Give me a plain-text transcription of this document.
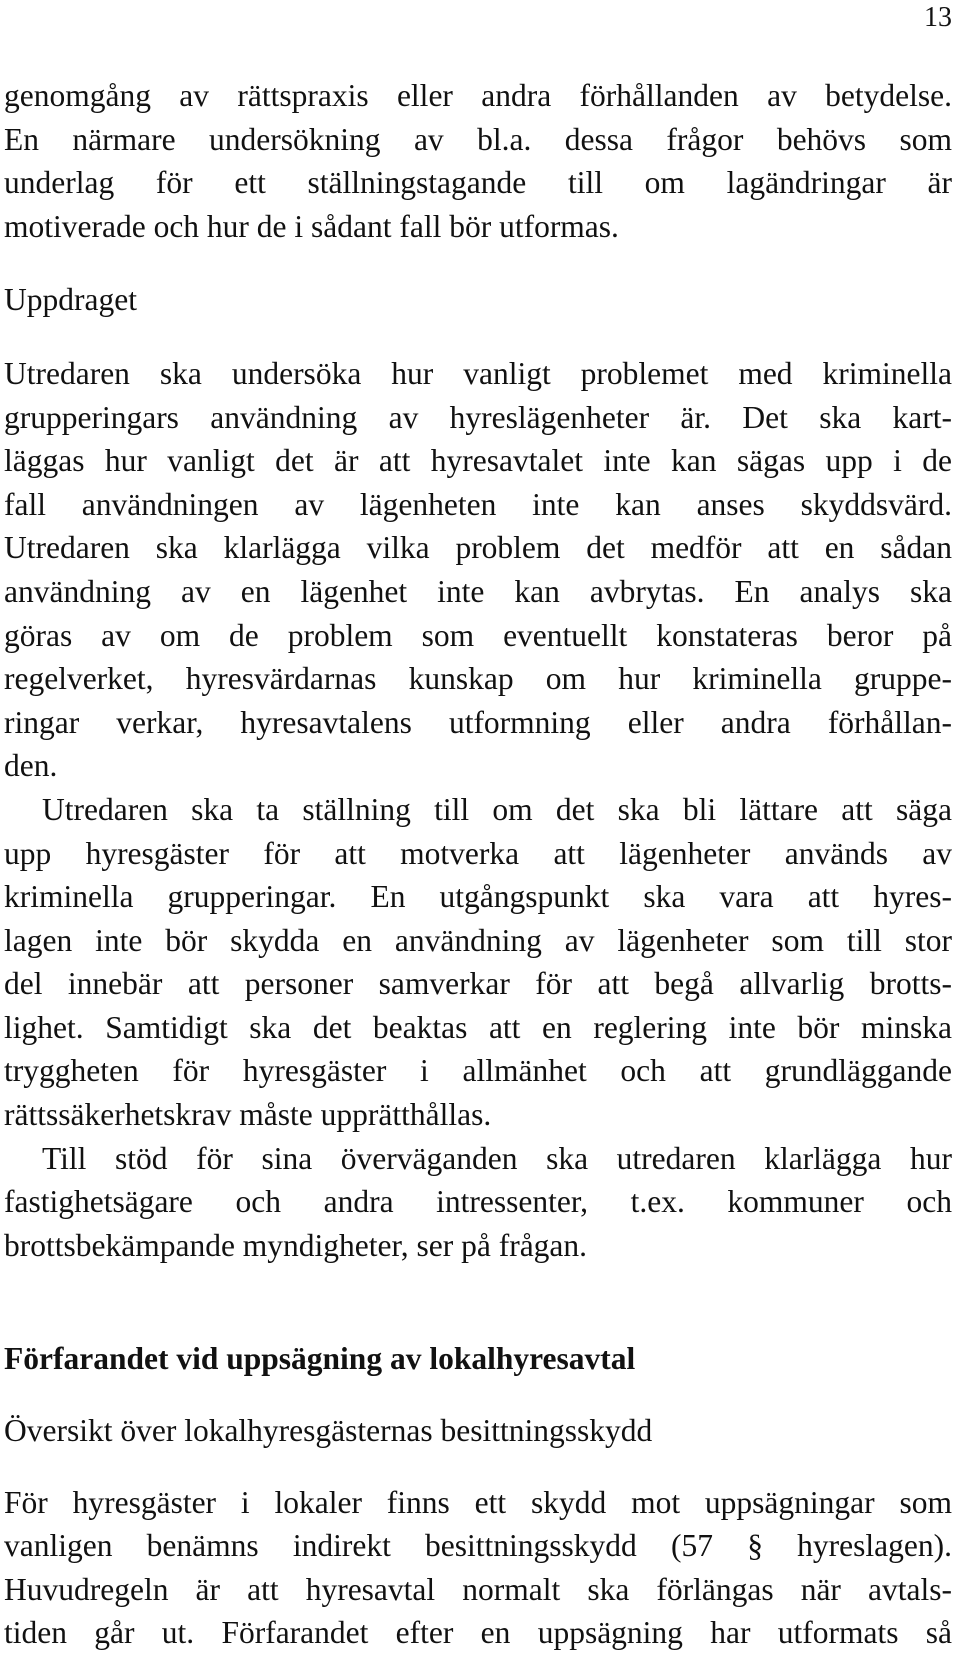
13
genomgång av rättspraxis eller andra förhållanden av betydelse.
En närmare undersökning av bl.a. dessa frågor behövs som
underlag för ett ställningstagande till om lagändringar är
motiverade och hur de i sådant fall bör utformas.
Uppdraget
Utredaren ska undersöka hur vanligt problemet med kriminella
grupperingars användning av hyreslägenheter är. Det ska kart-
läggas hur vanligt det är att hyresavtalet inte kan sägas upp i de
fall användningen av lägenheten inte kan anses skyddsvärd.
Utredaren ska klarlägga vilka problem det medför att en sådan
användning av en lägenhet inte kan avbrytas. En analys ska
göras av om de problem som eventuellt konstateras beror på
regelverket, hyresvärdarnas kunskap om hur kriminella gruppe-
ringar verkar, hyresavtalens utformning eller andra förhållan-
den.
Utredaren ska ta ställning till om det ska bli lättare att säga
upp hyresgäster för att motverka att lägenheter används av
kriminella grupperingar. En utgångspunkt ska vara att hyres-
lagen inte bör skydda en användning av lägenheter som till stor
del innebär att personer samverkar för att begå allvarlig brotts-
lighet. Samtidigt ska det beaktas att en reglering inte bör minska
tryggheten för hyresgäster i allmänhet och att grundläggande
rättssäkerhetskrav måste upprätthållas.
Till stöd för sina överväganden ska utredaren klarlägga hur
fastighetsägare och andra intressenter, t.ex. kommuner och
brottsbekämpande myndigheter, ser på frågan.
Förfarandet vid uppsägning av lokalhyresavtal
Översikt över lokalhyresgästernas besittningsskydd
För hyresgäster i lokaler finns ett skydd mot uppsägningar som
vanligen benämns indirekt besittningsskydd (57 § hyreslagen).
Huvudregeln är att hyresavtal normalt ska förlängas när avtals-
tiden går ut. Förfarandet efter en uppsägning har utformats så
